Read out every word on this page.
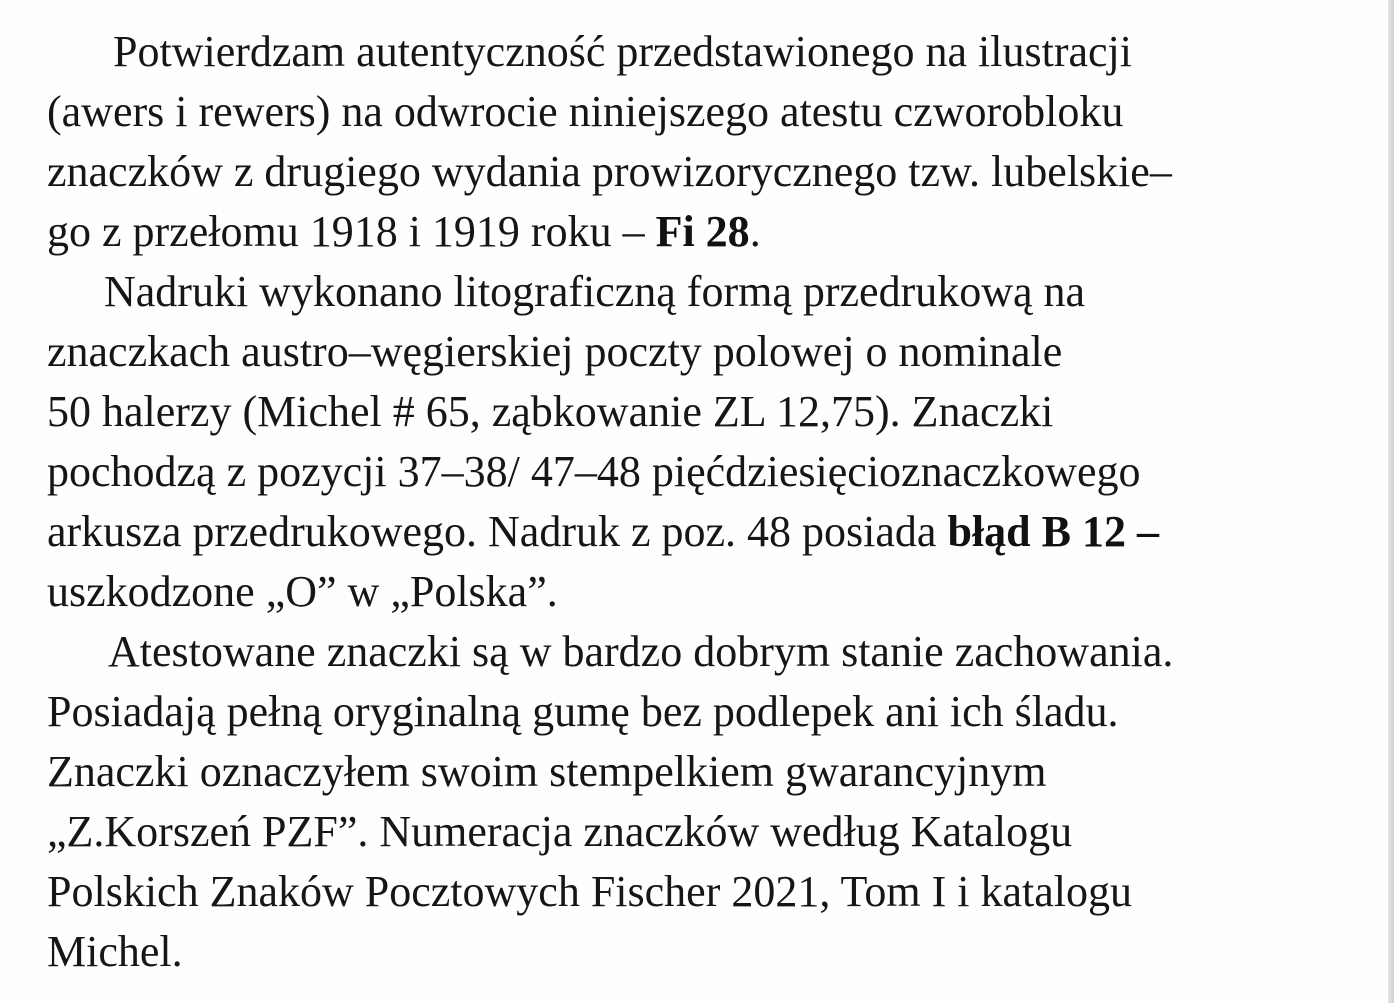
Potwierdzam autentyczność przedstawionego na ilustracji
(awers i rewers) na odwrocie niniejszego atestu czworobloku
znaczków z drugiego wydania prowizorycznego tzw. lubelskie–
go z przełomu 1918 i 1919 roku – Fi 28.
Nadruki wykonano litograficzną formą przedrukową na
znaczkach austro–węgierskiej poczty polowej o nominale
50 halerzy (Michel # 65, ząbkowanie ZL 12,75). Znaczki
pochodzą z pozycji 37–38/ 47–48 pięćdziesięcioznaczkowego
arkusza przedrukowego. Nadruk z poz. 48 posiada błąd B 12 –
uszkodzone „O” w „Polska”.
Atestowane znaczki są w bardzo dobrym stanie zachowania.
Posiadają pełną oryginalną gumę bez podlepek ani ich śladu.
Znaczki oznaczyłem swoim stempelkiem gwarancyjnym
„Z.Korszeń PZF”. Numeracja znaczków według Katalogu
Polskich Znaków Pocztowych Fischer 2021, Tom I i katalogu
Michel.
